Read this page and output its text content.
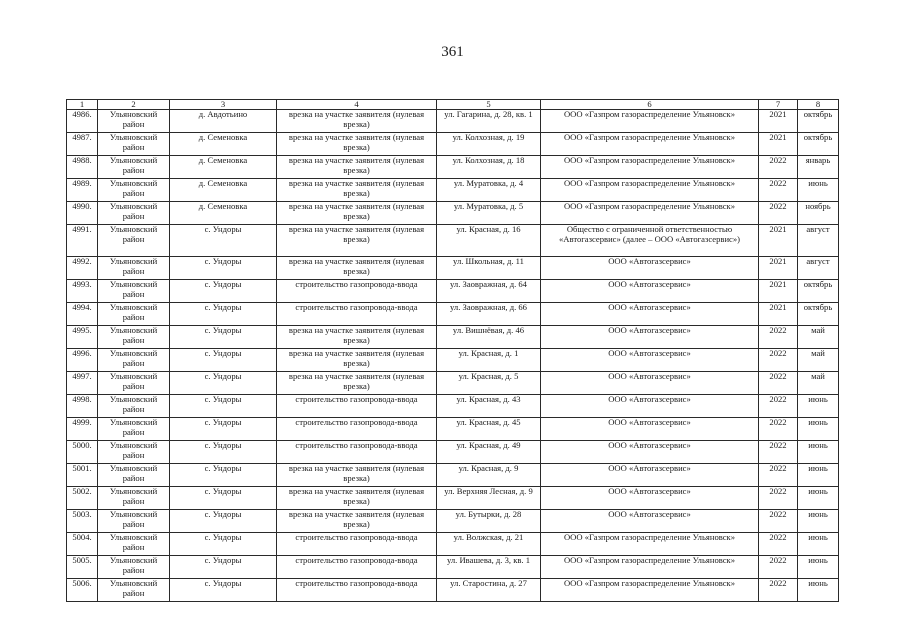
361
1	2	3	4	5	6	7	8
4986.	Ульяновский район	д. Авдотьино	врезка на участке заявителя (нулевая врезка)	ул. Гагарина, д. 28, кв. 1	ООО «Газпром газораспределение Ульяновск»	2021	октябрь
4987.	Ульяновский район	д. Семеновка	врезка на участке заявителя (нулевая врезка)	ул. Колхозная, д. 19	ООО «Газпром газораспределение Ульяновск»	2021	октябрь
4988.	Ульяновский район	д. Семеновка	врезка на участке заявителя (нулевая врезка)	ул. Колхозная, д. 18	ООО «Газпром газораспределение Ульяновск»	2022	январь
4989.	Ульяновский район	д. Семеновка	врезка на участке заявителя (нулевая врезка)	ул. Муратовка, д. 4	ООО «Газпром газораспределение Ульяновск»	2022	июнь
4990.	Ульяновский район	д. Семеновка	врезка на участке заявителя (нулевая врезка)	ул. Муратовка, д. 5	ООО «Газпром газораспределение Ульяновск»	2022	ноябрь
4991.	Ульяновский район	с. Ундоры	врезка на участке заявителя (нулевая врезка)	ул. Красная, д. 16	Общество с ограниченной ответственностью «Автогазсервис» (далее – ООО «Автогазсервис»)	2021	август
4992.	Ульяновский район	с. Ундоры	врезка на участке заявителя (нулевая врезка)	ул. Школьная, д. 11	ООО «Автогазсервис»	2021	август
4993.	Ульяновский район	с. Ундоры	строительство газопровода-ввода	ул. Заовражная, д. 64	ООО «Автогазсервис»	2021	октябрь
4994.	Ульяновский район	с. Ундоры	строительство газопровода-ввода	ул. Заовражная, д. 66	ООО «Автогазсервис»	2021	октябрь
4995.	Ульяновский район	с. Ундоры	врезка на участке заявителя (нулевая врезка)	ул. Вишнёвая, д. 46	ООО «Автогазсервис»	2022	май
4996.	Ульяновский район	с. Ундоры	врезка на участке заявителя (нулевая врезка)	ул. Красная, д. 1	ООО «Автогазсервис»	2022	май
4997.	Ульяновский район	с. Ундоры	врезка на участке заявителя (нулевая врезка)	ул. Красная, д. 5	ООО «Автогазсервис»	2022	май
4998.	Ульяновский район	с. Ундоры	строительство газопровода-ввода	ул. Красная, д. 43	ООО «Автогазсервис»	2022	июнь
4999.	Ульяновский район	с. Ундоры	строительство газопровода-ввода	ул. Красная, д. 45	ООО «Автогазсервис»	2022	июнь
5000.	Ульяновский район	с. Ундоры	строительство газопровода-ввода	ул. Красная, д. 49	ООО «Автогазсервис»	2022	июнь
5001.	Ульяновский район	с. Ундоры	врезка на участке заявителя (нулевая врезка)	ул. Красная, д. 9	ООО «Автогазсервис»	2022	июнь
5002.	Ульяновский район	с. Ундоры	врезка на участке заявителя (нулевая врезка)	ул. Верхняя Лесная, д. 9	ООО «Автогазсервис»	2022	июнь
5003.	Ульяновский район	с. Ундоры	врезка на участке заявителя (нулевая врезка)	ул. Бутырки, д. 28	ООО «Автогазсервис»	2022	июнь
5004.	Ульяновский район	с. Ундоры	строительство газопровода-ввода	ул. Волжская, д. 21	ООО «Газпром газораспределение Ульяновск»	2022	июнь
5005.	Ульяновский район	с. Ундоры	строительство газопровода-ввода	ул. Ивашева, д. 3, кв. 1	ООО «Газпром газораспределение Ульяновск»	2022	июнь
5006.	Ульяновский район	с. Ундоры	строительство газопровода-ввода	ул. Старостина, д. 27	ООО «Газпром газораспределение Ульяновск»	2022	июнь
